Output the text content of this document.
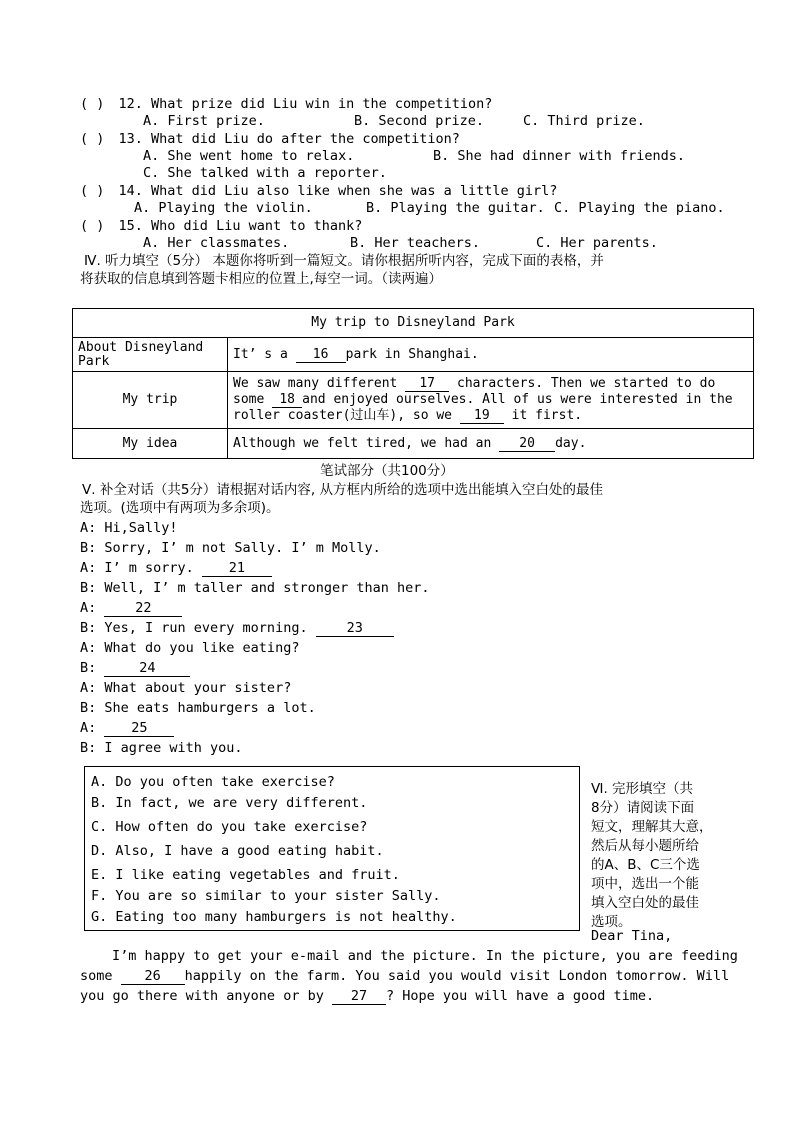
( ) 12. What prize did Liu win in the competition?
A. First prize.	B. Second prize.	C. Third prize.
( ) 13. What did Liu do after the competition?
A. She went home to relax.	B. She had dinner with friends.
C. She talked with a reporter.
( ) 14. What did Liu also like when she was a little girl?
A. Playing the violin.	B. Playing the guitar. C. Playing the piano.
( ) 15. Who did Liu want to thank?
A. Her classmates.	B. Her teachers.	C. Her parents.
Ⅳ. 听力填空（5分） 本题你将听到一篇短文。请你根据所听内容，完成下面的表格，并
将获取的信息填到答题卡相应的位置上,每空一词。（读两遍）
My trip to Disneyland Park	
About Disneyland Park	It’ s a 16 park in Shanghai.
My trip	We saw many different 17 characters. Then we started to do some 18 and enjoyed ourselves. All of us were interested in the roller coaster(过山车), so we 19 it first.
My idea	Although we felt tired, we had an 20 day.
笔试部分（共100分）
Ⅴ. 补全对话（共5分）请根据对话内容, 从方框内所给的选项中选出能填入空白处的最佳
选项。(选项中有两项为多余项)。
A: Hi,Sally!
B: Sorry, I’ m not Sally. I’ m Molly.
A: I’ m sorry. 21
B: Well, I’ m taller and stronger than her.
A: 22
B: Yes, I run every morning. 23
A: What do you like eating?
B:	24
A: What about your sister?
B: She eats hamburgers a lot.
A: 25
B: I agree with you.
A. Do you often take exercise?
B. In fact, we are very different.
C. How often do you take exercise?
D. Also, I have a good eating habit.
E. I like eating vegetables and fruit.
F. You are so similar to your sister Sally.
G. Eating too many hamburgers is not healthy.
Ⅵ. 完形填空（共
8分）请阅读下面
短文，理解其大意，
然后从每小题所给
的A、B、C三个选
项中，选出一个能
填入空白处的最佳
选项。
Dear Tina,
I’m happy to get your e-mail and the picture. In the picture, you are feeding
some 26 happily on the farm. You said you would visit London tomorrow. Will
you go there with anyone or by 27 ? Hope you will have a good time.
